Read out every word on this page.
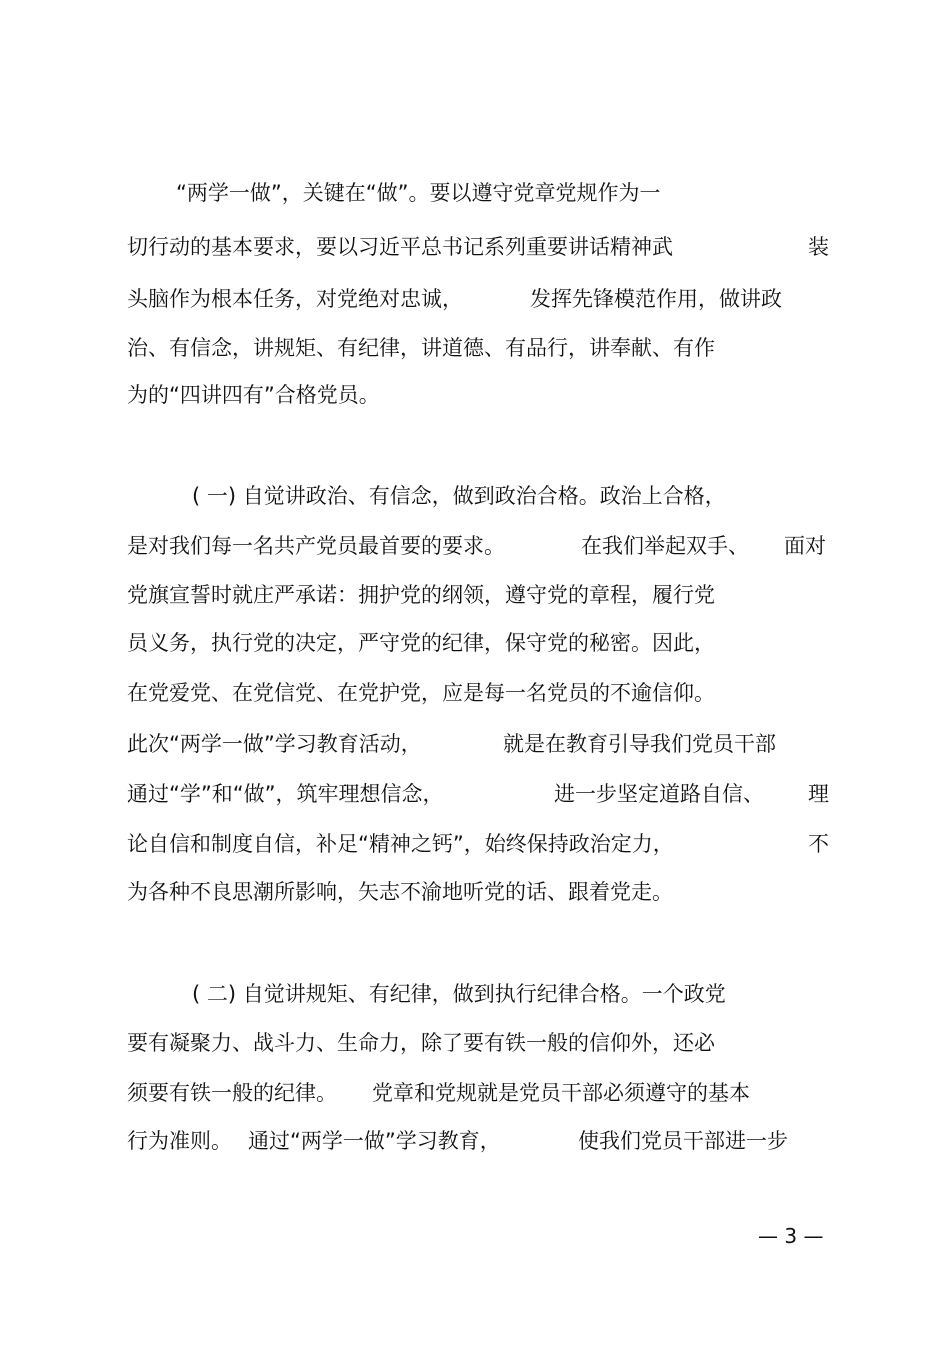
“两学一做”，关键在“做”。要以遵守党章党规作为一

切行动的基本要求，要以习近平总书记系列重要讲话精神武

	装

头脑作为根本任务，对党绝对忠诚，

	发挥先锋模范作用，做讲政

治、有信念，讲规矩、有纪律，讲道德、有品行，讲奉献、有作

为的“四讲四有”合格党员。

( 一) 自觉讲政治、有信念，做到政治合格。政治上合格，

是对我们每一名共产党员最首要的要求。

	在我们举起双手、

面对

党旗宣誓时就庄严承诺：拥护党的纲领，遵守党的章程，履行党

员义务，执行党的决定，严守党的纪律，保守党的秘密。因此，

在党爱党、在党信党、在党护党，应是每一名党员的不逾信仰。

此次“两学一做”学习教育活动，

	就是在教育引导我们党员干部

通过“学”和“做”，筑牢理想信念，

	进一步坚定道路自信、

理

论自信和制度自信，补足“精神之钙”，始终保持政治定力，

	不

为各种不良思潮所影响，矢志不渝地听党的话、跟着党走。

( 二) 自觉讲规矩、有纪律，做到执行纪律合格。一个政党

要有凝聚力、战斗力、生命力，除了要有铁一般的信仰外，还必

须要有铁一般的纪律。

党章和党规就是党员干部必须遵守的基本

行为准则。

通过“两学一做”学习教育，

	使我们党员干部进一步

— 3 —
